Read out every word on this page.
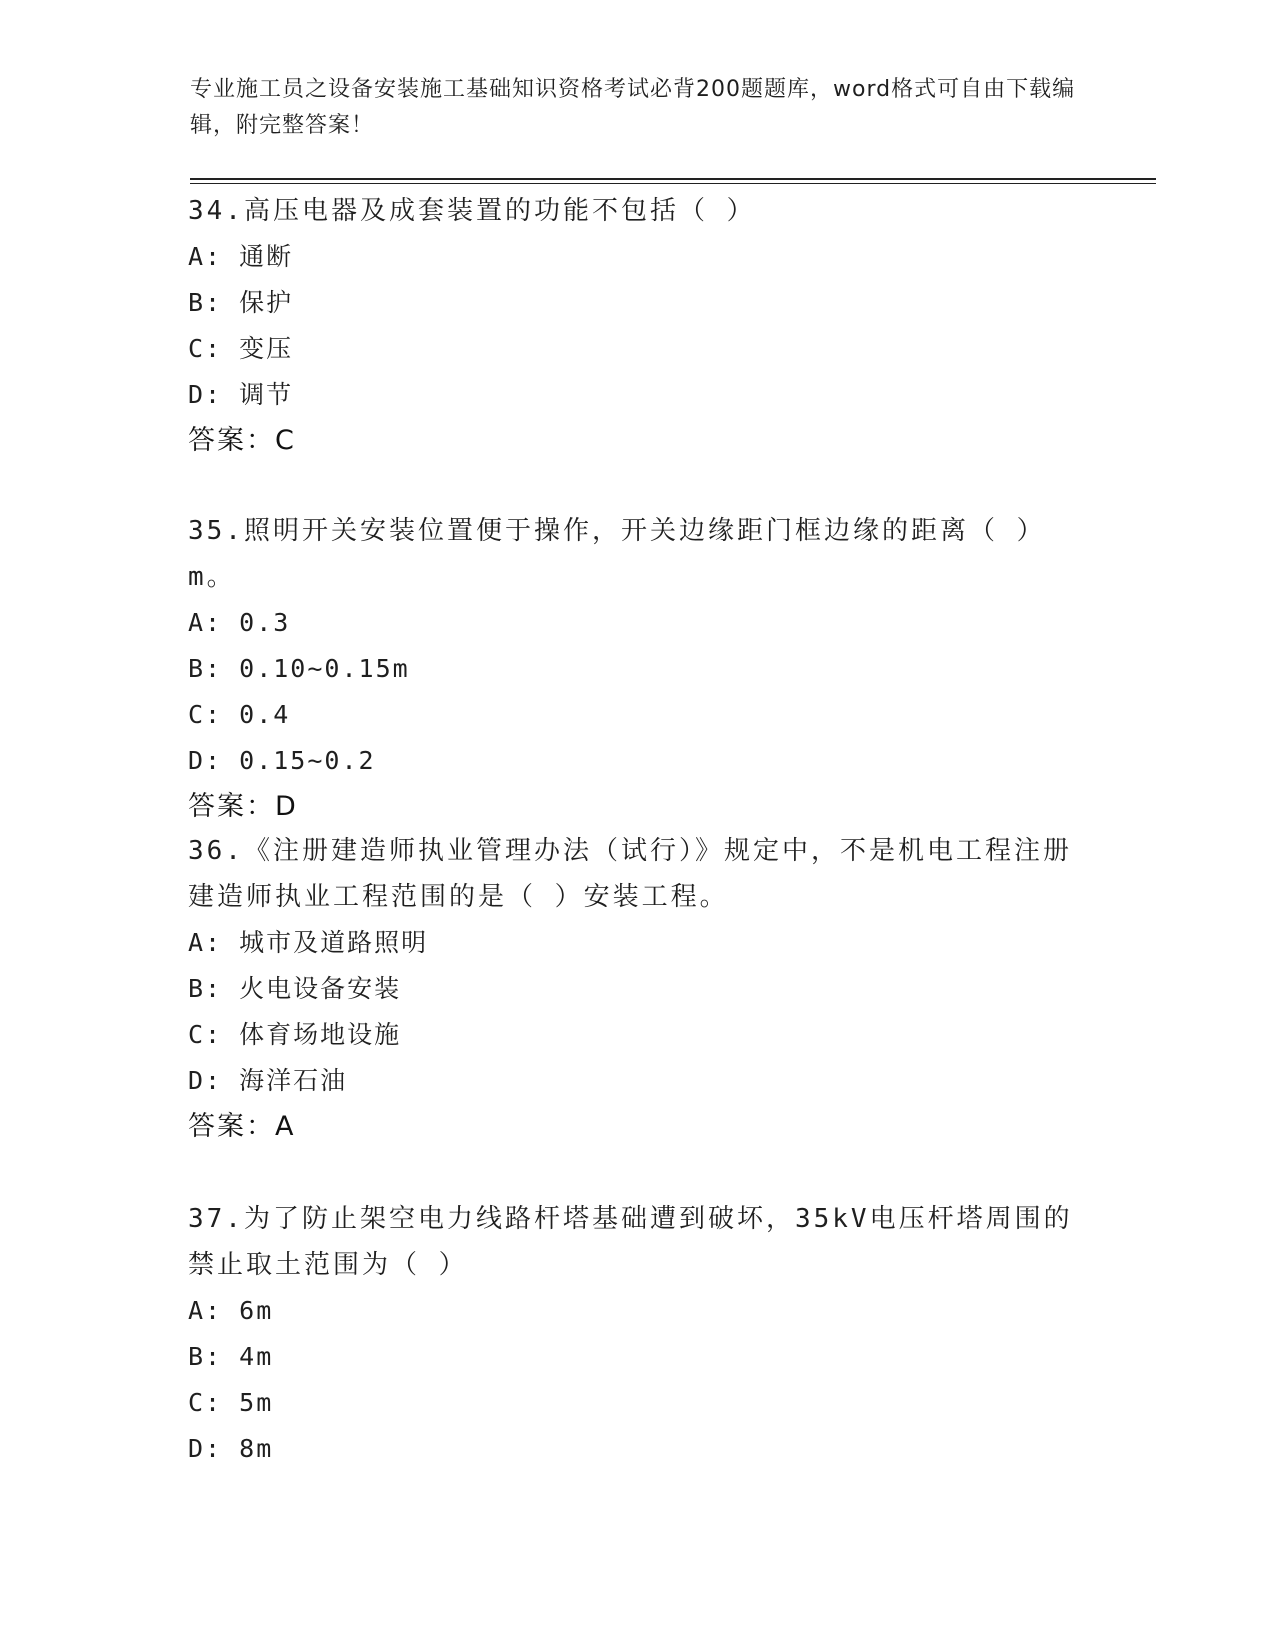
专业施工员之设备安装施工基础知识资格考试必背200题题库，word格式可自由下载编辑，附完整答案！
34.高压电器及成套装置的功能不包括（ ）
A: 通断
B: 保护
C: 变压
D: 调节
答案：C
35.照明开关安装位置便于操作，开关边缘距门框边缘的距离（ ）m。
A: 0.3
B: 0.10~0.15m
C: 0.4
D: 0.15~0.2
答案：D
36.《注册建造师执业管理办法（试行）》规定中，不是机电工程注册建造师执业工程范围的是（ ）安装工程。
A: 城市及道路照明
B: 火电设备安装
C: 体育场地设施
D: 海洋石油
答案：A
37.为了防止架空电力线路杆塔基础遭到破坏，35kV电压杆塔周围的禁止取土范围为（ ）
A: 6m
B: 4m
C: 5m
D: 8m
